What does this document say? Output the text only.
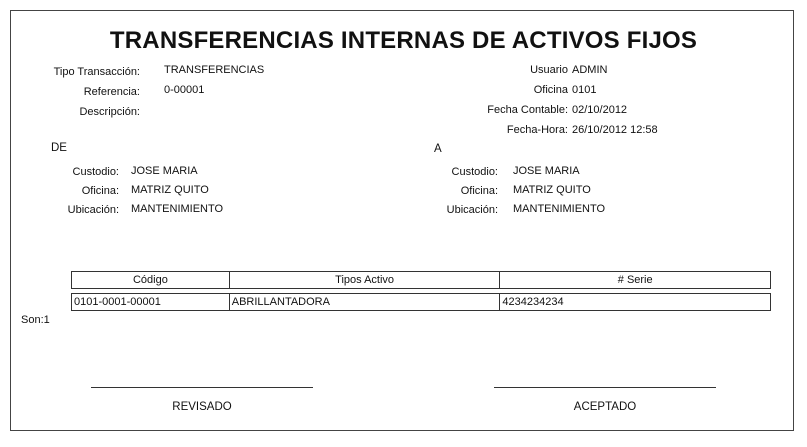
TRANSFERENCIAS INTERNAS DE ACTIVOS FIJOS
Tipo Transacción: TRANSFERENCIAS
Referencia: 0-00001
Descripción:
Usuario ADMIN
Oficina 0101
Fecha Contable: 02/10/2012
Fecha-Hora: 26/10/2012 12:58
DE
Custodio: JOSE MARIA
Oficina: MATRIZ QUITO
Ubicación: MANTENIMIENTO
A
Custodio: JOSE MARIA
Oficina: MATRIZ QUITO
Ubicación: MANTENIMIENTO
Código	Tipos Activo	# Serie
0101-0001-00001	ABRILLANTADORA	4234234234
Son:1
REVISADO	ACEPTADO
